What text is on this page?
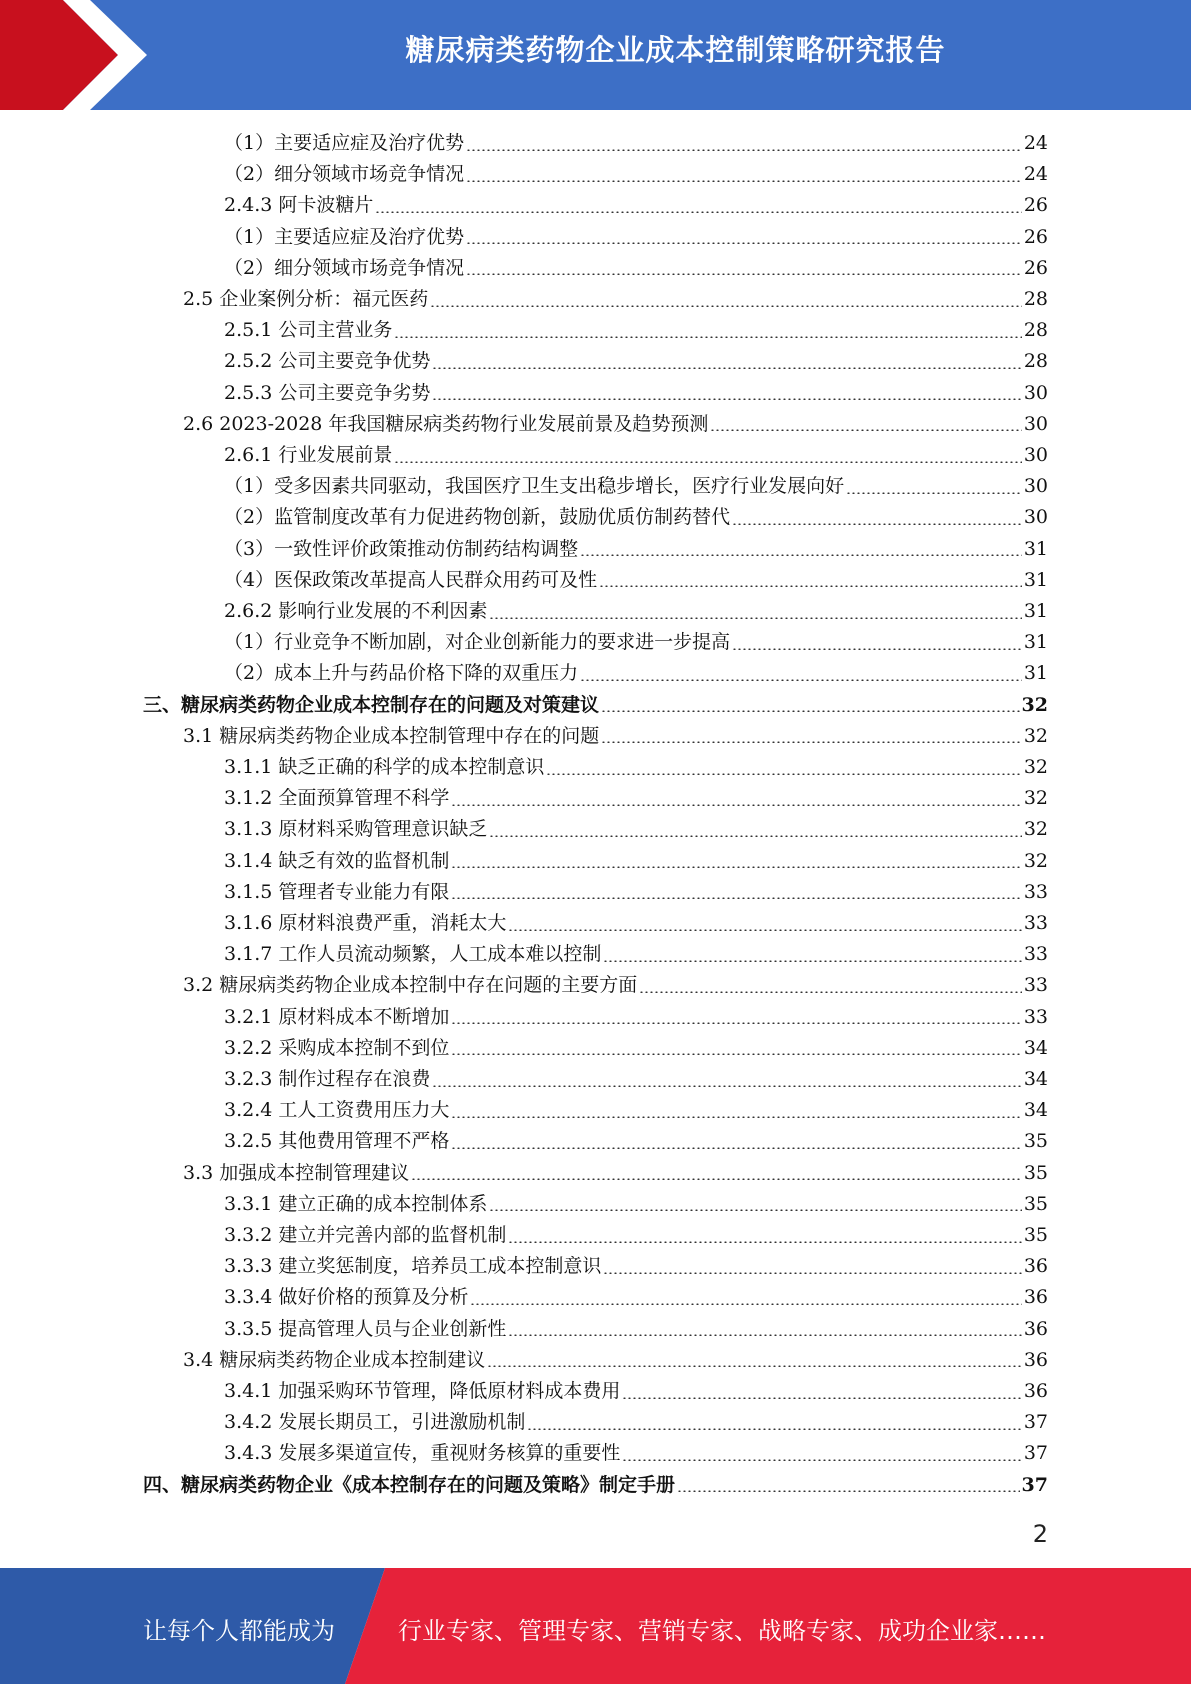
糖尿病类药物企业成本控制策略研究报告
（1）主要适应症及治疗优势	24
（2）细分领域市场竞争情况	24
2.4.3 阿卡波糖片	26
（1）主要适应症及治疗优势	26
（2）细分领域市场竞争情况	26
2.5 企业案例分析：福元医药	28
2.5.1 公司主营业务	28
2.5.2 公司主要竞争优势	28
2.5.3 公司主要竞争劣势	30
2.6 2023-2028 年我国糖尿病类药物行业发展前景及趋势预测	30
2.6.1 行业发展前景	30
（1）受多因素共同驱动，我国医疗卫生支出稳步增长，医疗行业发展向好	30
（2）监管制度改革有力促进药物创新，鼓励优质仿制药替代	30
（3）一致性评价政策推动仿制药结构调整	31
（4）医保政策改革提高人民群众用药可及性	31
2.6.2 影响行业发展的不利因素	31
（1）行业竞争不断加剧，对企业创新能力的要求进一步提高	31
（2）成本上升与药品价格下降的双重压力	31
三、糖尿病类药物企业成本控制存在的问题及对策建议	32
3.1 糖尿病类药物企业成本控制管理中存在的问题	32
3.1.1 缺乏正确的科学的成本控制意识	32
3.1.2 全面预算管理不科学	32
3.1.3 原材料采购管理意识缺乏	32
3.1.4 缺乏有效的监督机制	32
3.1.5 管理者专业能力有限	33
3.1.6 原材料浪费严重，消耗太大	33
3.1.7 工作人员流动频繁，人工成本难以控制	33
3.2 糖尿病类药物企业成本控制中存在问题的主要方面	33
3.2.1 原材料成本不断增加	33
3.2.2 采购成本控制不到位	34
3.2.3 制作过程存在浪费	34
3.2.4 工人工资费用压力大	34
3.2.5 其他费用管理不严格	35
3.3 加强成本控制管理建议	35
3.3.1 建立正确的成本控制体系	35
3.3.2 建立并完善内部的监督机制	35
3.3.3 建立奖惩制度，培养员工成本控制意识	36
3.3.4 做好价格的预算及分析	36
3.3.5 提高管理人员与企业创新性	36
3.4 糖尿病类药物企业成本控制建议	36
3.4.1 加强采购环节管理，降低原材料成本费用	36
3.4.2 发展长期员工，引进激励机制	37
3.4.3 发展多渠道宣传，重视财务核算的重要性	37
四、糖尿病类药物企业《成本控制存在的问题及策略》制定手册	37
2
让每个人都能成为	行业专家、管理专家、营销专家、战略专家、成功企业家……
